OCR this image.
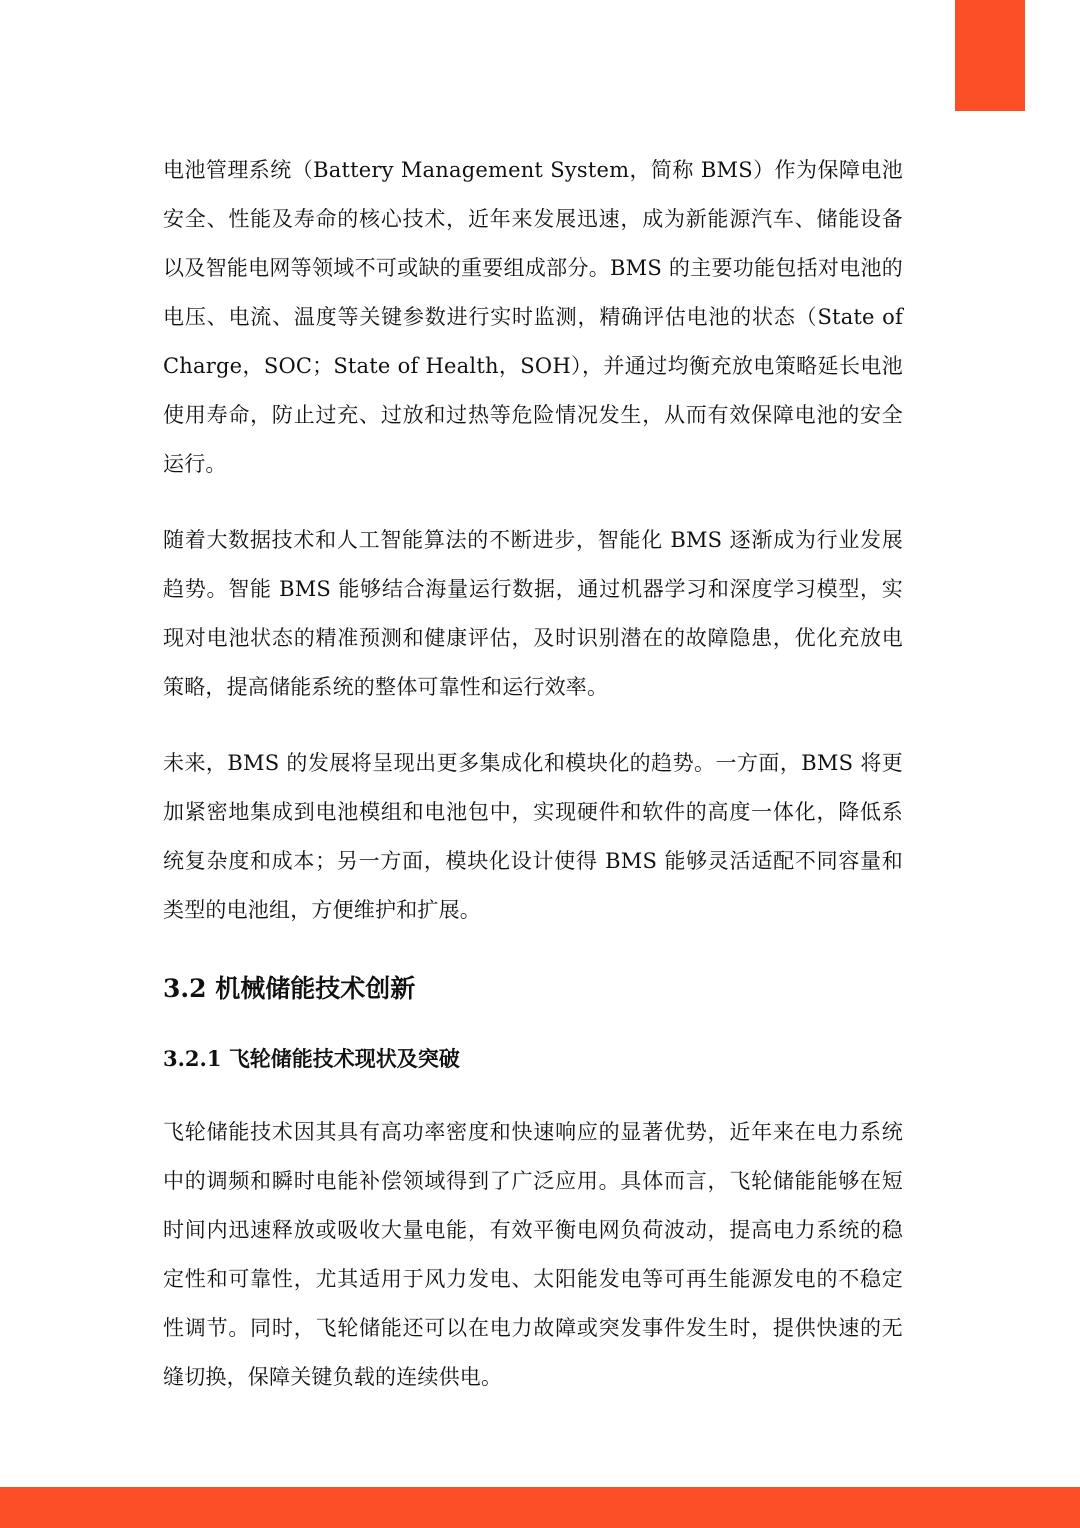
电池管理系统（Battery Management System，简称 BMS）作为保障电池安全、性能及寿命的核心技术，近年来发展迅速，成为新能源汽车、储能设备以及智能电网等领域不可或缺的重要组成部分。BMS 的主要功能包括对电池的电压、电流、温度等关键参数进行实时监测，精确评估电池的状态（State of Charge，SOC；State of Health，SOH），并通过均衡充放电策略延长电池使用寿命，防止过充、过放和过热等危险情况发生，从而有效保障电池的安全运行。

随着大数据技术和人工智能算法的不断进步，智能化 BMS 逐渐成为行业发展趋势。智能 BMS 能够结合海量运行数据，通过机器学习和深度学习模型，实现对电池状态的精准预测和健康评估，及时识别潜在的故障隐患，优化充放电策略，提高储能系统的整体可靠性和运行效率。

未来，BMS 的发展将呈现出更多集成化和模块化的趋势。一方面，BMS 将更加紧密地集成到电池模组和电池包中，实现硬件和软件的高度一体化，降低系统复杂度和成本；另一方面，模块化设计使得 BMS 能够灵活适配不同容量和类型的电池组，方便维护和扩展。

3.2 机械储能技术创新
3.2.1 飞轮储能技术现状及突破

飞轮储能技术因其具有高功率密度和快速响应的显著优势，近年来在电力系统中的调频和瞬时电能补偿领域得到了广泛应用。具体而言，飞轮储能能够在短时间内迅速释放或吸收大量电能，有效平衡电网负荷波动，提高电力系统的稳定性和可靠性，尤其适用于风力发电、太阳能发电等可再生能源发电的不稳定性调节。同时，飞轮储能还可以在电力故障或突发事件发生时，提供快速的无缝切换，保障关键负载的连续供电。
